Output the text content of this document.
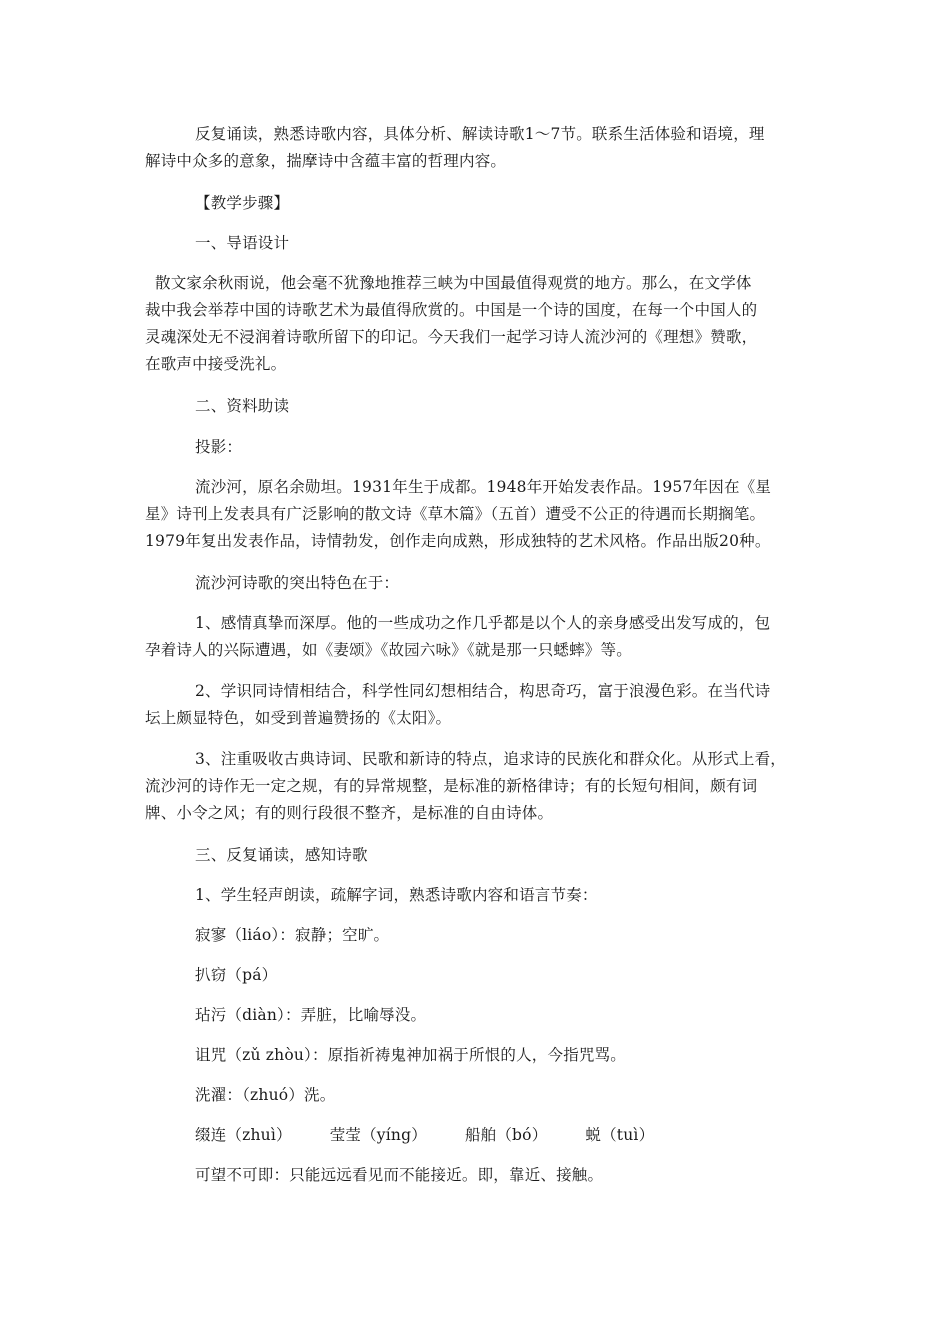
反复诵读，熟悉诗歌内容，具体分析、解读诗歌1～7节。联系生活体验和语境，理
解诗中众多的意象，揣摩诗中含蕴丰富的哲理内容。
【教学步骤】
一、导语设计
散文家余秋雨说，他会毫不犹豫地推荐三峡为中国最值得观赏的地方。那么，在文学体
裁中我会举荐中国的诗歌艺术为最值得欣赏的。中国是一个诗的国度，在每一个中国人的
灵魂深处无不浸润着诗歌所留下的印记。今天我们一起学习诗人流沙河的《理想》赞歌，
在歌声中接受洗礼。
二、资料助读
投影：
流沙河，原名余勋坦。1931年生于成都。1948年开始发表作品。1957年因在《星
星》诗刊上发表具有广泛影响的散文诗《草木篇》（五首）遭受不公正的待遇而长期搁笔。
1979年复出发表作品，诗情勃发，创作走向成熟，形成独特的艺术风格。作品出版20种。
流沙河诗歌的突出特色在于：
1、感情真挚而深厚。他的一些成功之作几乎都是以个人的亲身感受出发写成的，包
孕着诗人的兴际遭遇，如《妻颂》《故园六咏》《就是那一只蟋蟀》等。
2、学识同诗情相结合，科学性同幻想相结合，构思奇巧，富于浪漫色彩。在当代诗
坛上颇显特色，如受到普遍赞扬的《太阳》。
3、注重吸收古典诗词、民歌和新诗的特点，追求诗的民族化和群众化。从形式上看，
流沙河的诗作无一定之规，有的异常规整，是标准的新格律诗；有的长短句相间，颇有词
牌、小令之风；有的则行段很不整齐，是标准的自由诗体。
三、反复诵读，感知诗歌
1、学生轻声朗读，疏解字词，熟悉诗歌内容和语言节奏：
寂寥（liáo）：寂静；空旷。
扒窃（pá）
玷污（diàn）：弄脏，比喻辱没。
诅咒（zǔ zhòu）：原指祈祷鬼神加祸于所恨的人，今指咒骂。
洗濯：（zhuó）洗。
缀连（zhuì） 莹莹（yíng） 船舶（bó） 蜕（tuì）
可望不可即：只能远远看见而不能接近。即，靠近、接触。
